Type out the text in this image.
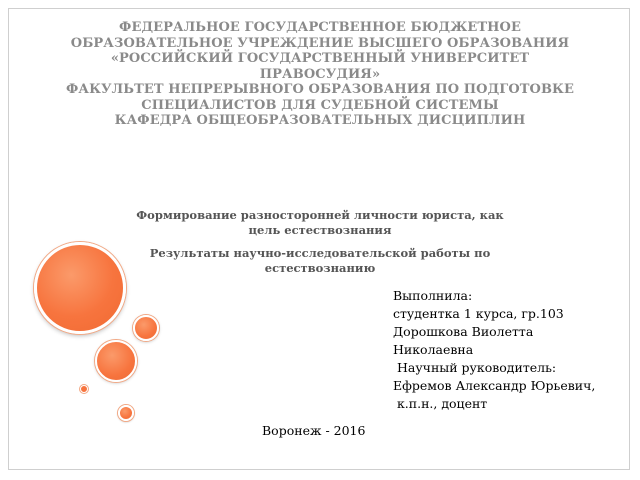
ФЕДЕРАЛЬНОЕ ГОСУДАРСТВЕННОЕ БЮДЖЕТНОЕ
ОБРАЗОВАТЕЛЬНОЕ УЧРЕЖДЕНИЕ ВЫСШЕГО ОБРАЗОВАНИЯ
«РОССИЙСКИЙ ГОСУДАРСТВЕННЫЙ УНИВЕРСИТЕТ
ПРАВОСУДИЯ»
ФАКУЛЬТЕТ НЕПРЕРЫВНОГО ОБРАЗОВАНИЯ ПО ПОДГОТОВКЕ
СПЕЦИАЛИСТОВ ДЛЯ СУДЕБНОЙ СИСТЕМЫ
КАФЕДРА ОБЩЕОБРАЗОВАТЕЛЬНЫХ ДИСЦИПЛИН
Формирование разносторонней личности юриста, как
цель естествознания
Результаты научно-исследовательской работы по
естествознанию
Выполнила:
студентка 1 курса, гр.103
Дорошкова Виолетта
Николаевна
Научный руководитель:
Ефремов Александр Юрьевич,
к.п.н., доцент
Воронеж - 2016
